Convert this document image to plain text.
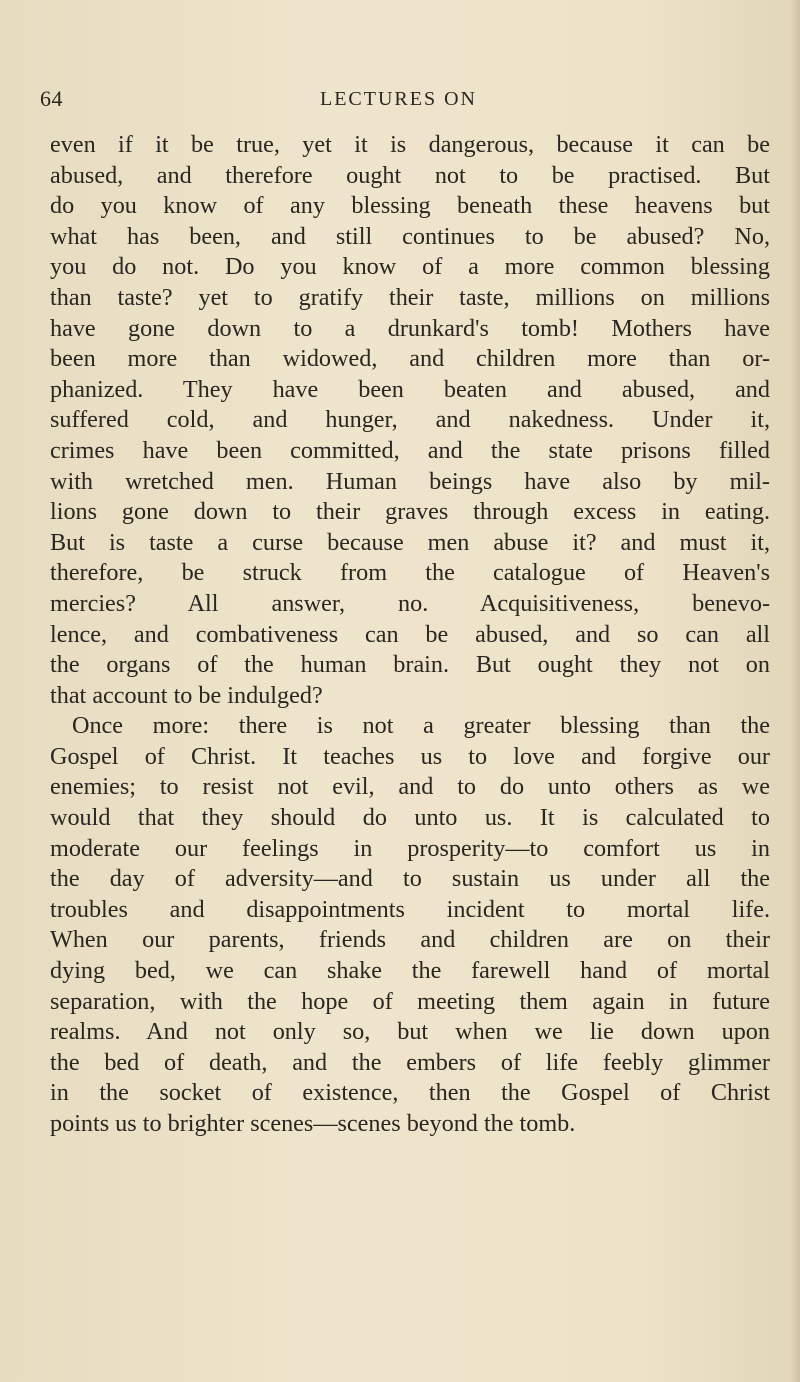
64	LECTURES ON
even if it be true, yet it is dangerous, because it can be
abused, and therefore ought not to be practised. But
do you know of any blessing beneath these heavens but
what has been, and still continues to be abused? No,
you do not. Do you know of a more common blessing
than taste? yet to gratify their taste, millions on millions
have gone down to a drunkard's tomb! Mothers have
been more than widowed, and children more than or-
phanized. They have been beaten and abused, and
suffered cold, and hunger, and nakedness. Under it,
crimes have been committed, and the state prisons filled
with wretched men. Human beings have also by mil-
lions gone down to their graves through excess in eating.
But is taste a curse because men abuse it? and must it,
therefore, be struck from the catalogue of Heaven's
mercies? All answer, no. Acquisitiveness, benevo-
lence, and combativeness can be abused, and so can all
the organs of the human brain. But ought they not on
that account to be indulged?
Once more: there is not a greater blessing than the
Gospel of Christ. It teaches us to love and forgive our
enemies; to resist not evil, and to do unto others as we
would that they should do unto us. It is calculated to
moderate our feelings in prosperity—to comfort us in
the day of adversity—and to sustain us under all the
troubles and disappointments incident to mortal life.
When our parents, friends and children are on their
dying bed, we can shake the farewell hand of mortal
separation, with the hope of meeting them again in future
realms. And not only so, but when we lie down upon
the bed of death, and the embers of life feebly glimmer
in the socket of existence, then the Gospel of Christ
points us to brighter scenes—scenes beyond the tomb.
